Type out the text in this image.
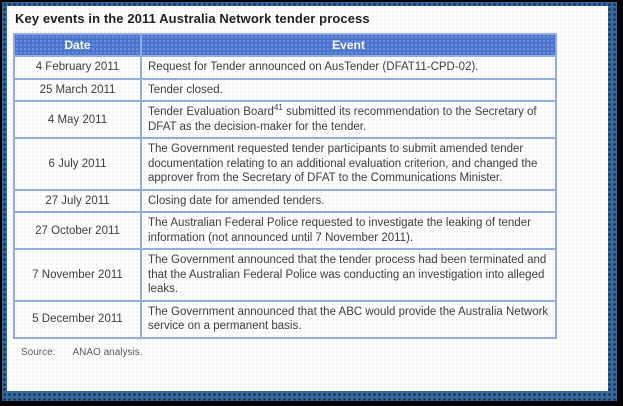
Key events in the 2011 Australia Network tender process
Date	Event
4 February 2011	Request for Tender announced on AusTender (DFAT11-CPD-02).
25 March 2011	Tender closed.
4 May 2011	Tender Evaluation Board$^{41}$ submitted its recommendation to the Secretary of DFAT as the decision-maker for the tender.
6 July 2011	The Government requested tender participants to submit amended tender documentation relating to an additional evaluation criterion, and changed the approver from the Secretary of DFAT to the Communications Minister.
27 July 2011	Closing date for amended tenders.
27 October 2011	The Australian Federal Police requested to investigate the leaking of tender information (not announced until 7 November 2011).
7 November 2011	The Government announced that the tender process had been terminated and that the Australian Federal Police was conducting an investigation into alleged leaks.
5 December 2011	The Government announced that the ABC would provide the Australia Network service on a permanent basis.
Source: ANAO analysis.
